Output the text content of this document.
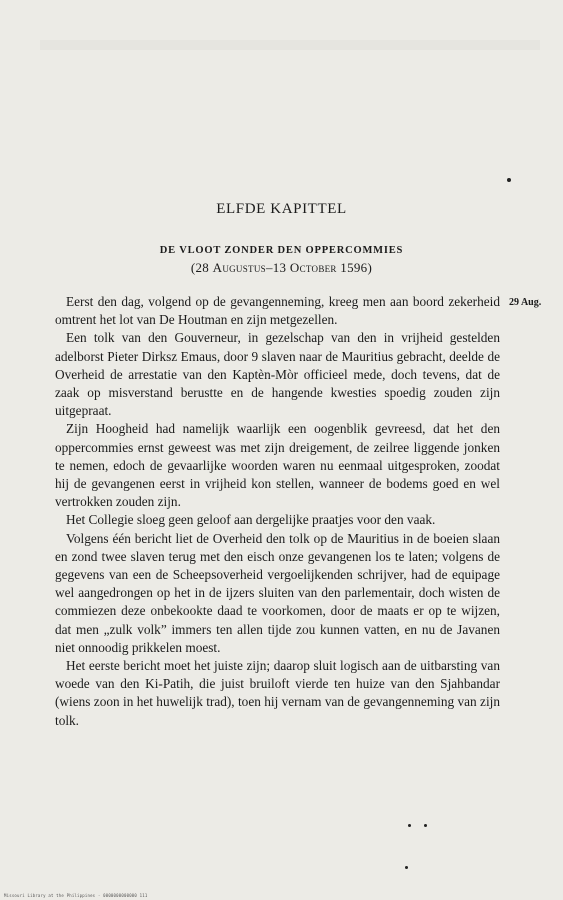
ELFDE KAPITTEL
DE VLOOT ZONDER DEN OPPERCOMMIES
(28 Augustus–13 October 1596)
29 Aug.

Eerst den dag, volgend op de gevangenneming, kreeg men aan boord zekerheid omtrent het lot van De Houtman en zijn metgezellen.

Een tolk van den Gouverneur, in gezelschap van den in vrijheid gestelden adelborst Pieter Dirksz Emaus, door 9 slaven naar de Mauritius gebracht, deelde de Overheid de arrestatie van den Kaptèn-Mòr officieel mede, doch tevens, dat de zaak op misverstand berustte en de hangende kwesties spoedig zouden zijn uitgepraat.

Zijn Hoogheid had namelijk waarlijk een oogenblik gevreesd, dat het den oppercommies ernst geweest was met zijn dreigement, de zeilree liggende jonken te nemen, edoch de gevaarlijke woorden waren nu eenmaal uitgesproken, zoodat hij de gevangenen eerst in vrijheid kon stellen, wanneer de bodems goed en wel vertrokken zouden zijn.

Het Collegie sloeg geen geloof aan dergelijke praatjes voor den vaak.

Volgens één bericht liet de Overheid den tolk op de Mauritius in de boeien slaan en zond twee slaven terug met den eisch onze gevangenen los te laten; volgens de gegevens van een de Scheepsoverheid vergoelijkenden schrijver, had de equipage wel aangedrongen op het in de ijzers sluiten van den parlementair, doch wisten de commiezen deze onbekookte daad te voorkomen, door de maats er op te wijzen, dat men „zulk volk” immers ten allen tijde zou kunnen vatten, en nu de Javanen niet onnoodig prikkelen moest.

Het eerste bericht moet het juiste zijn; daarop sluit logisch aan de uitbarsting van woede van den Ki-Patih, die juist bruiloft vierde ten huize van den Sjahbandar (wiens zoon in het huwelijk trad), toen hij vernam van de gevangenneming van zijn tolk.

Missouri Library at the Philippines · 0000000000000 111
